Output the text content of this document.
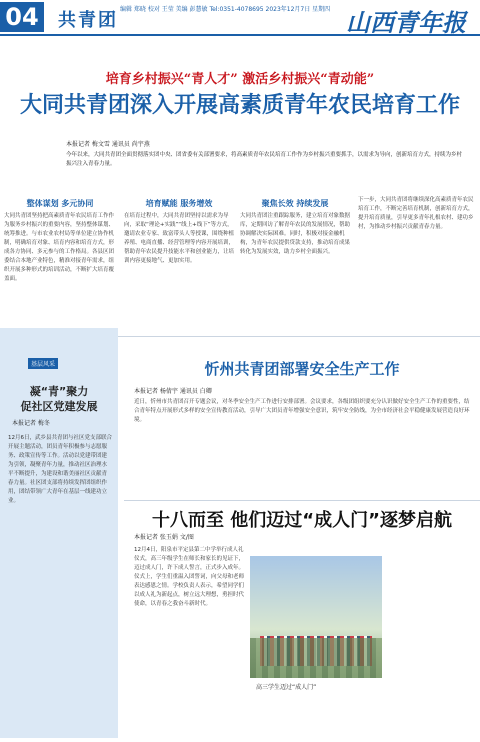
04 共青团
编辑 郑晓 校对 王莹 美编 彭慧敏 Tel:0351-4078695 2023年12月7日 星期四 山西青年报
培育乡村振兴“青人才” 激活乡村振兴“青动能”
大同共青团深入开展高素质青年农民培育工作
本报记者 梅文雪 通讯员 尚宇燕
今年以来，大同共青团全面贯彻落实团中央、团省委有关部署要求，将高素质青年农民培育工作作为乡村振兴重要抓手，以需求为导向，创新培育方式，持续为乡村振兴注入青春力量。
整体谋划 多元协同
大同共青团坚持把高素质青年农民培育工作作为服务乡村振兴的重要内容，坚持整体谋划、统筹推进。与市农业农村局等单位建立协作机制，明确培育对象、培育内容和培育方式，形成各方协同、多元参与的工作格局。各县区团委结合本地产业特色，精准对接青年需求，组织开展多种形式的培训活动，不断扩大培育覆盖面。
培育赋能 服务增效
在培育过程中，大同共青团坚持以需求为导向，采取“理论+实践”“线上+线下”等方式，邀请农业专家、致富带头人等授课，围绕种植养殖、电商直播、经营管理等内容开展培训，帮助青年农民提升技能水平和创业能力，让培训内容更接地气、更加实用。
聚焦长效 持续发展
大同共青团注重跟踪服务，建立培育对象数据库，定期回访了解青年农民的发展情况，帮助协调解决实际困难。同时，积极对接金融机构，为青年农民提供贷款支持，推动培育成果转化为发展实效，助力乡村全面振兴。
下一步，大同共青团将继续深化高素质青年农民培育工作，不断完善培育机制，创新培育方式，提升培育质量，引导更多青年扎根农村、建功乡村，为推动乡村振兴贡献青春力量。
基层风采
凝“青”聚力
促社区党建发展
本报记者 梅冬
12月6日，武乡县共青团与社区党支部联合开展主题活动，团员青年积极参与志愿服务、政策宣传等工作。活动以党建带团建为引领，凝聚青年力量，推动社区治理水平不断提升，为建设和谐美丽社区贡献青春力量。社区团支部将持续发挥团组织作用，团结带领广大青年在基层一线建功立业。
忻州共青团部署安全生产工作
本报记者 杨倩宇 通讯员 白卿
近日，忻州市共青团召开专题会议，对冬季安全生产工作进行安排部署。会议要求，各级团组织要充分认识做好安全生产工作的重要性，结合青年特点开展形式多样的安全宣传教育活动，引导广大团员青年增强安全意识，筑牢安全防线，为全市经济社会平稳健康发展营造良好环境。
十八而至 他们迈过“成人门”逐梦启航
本报记者 张玉娟 文/图
12月4日，阳泉市平定县第二中学举行成人礼仪式，高三年级学生在师长和家长的见证下，迈过成人门，许下成人誓言，正式步入成年。仪式上，学生们重温入团誓词，向父母和老师表达感恩之情。学校负责人表示，希望同学们以成人礼为新起点，树立远大理想，勇担时代使命，以青春之我奋斗新时代。
高三学生迈过“成人门”
